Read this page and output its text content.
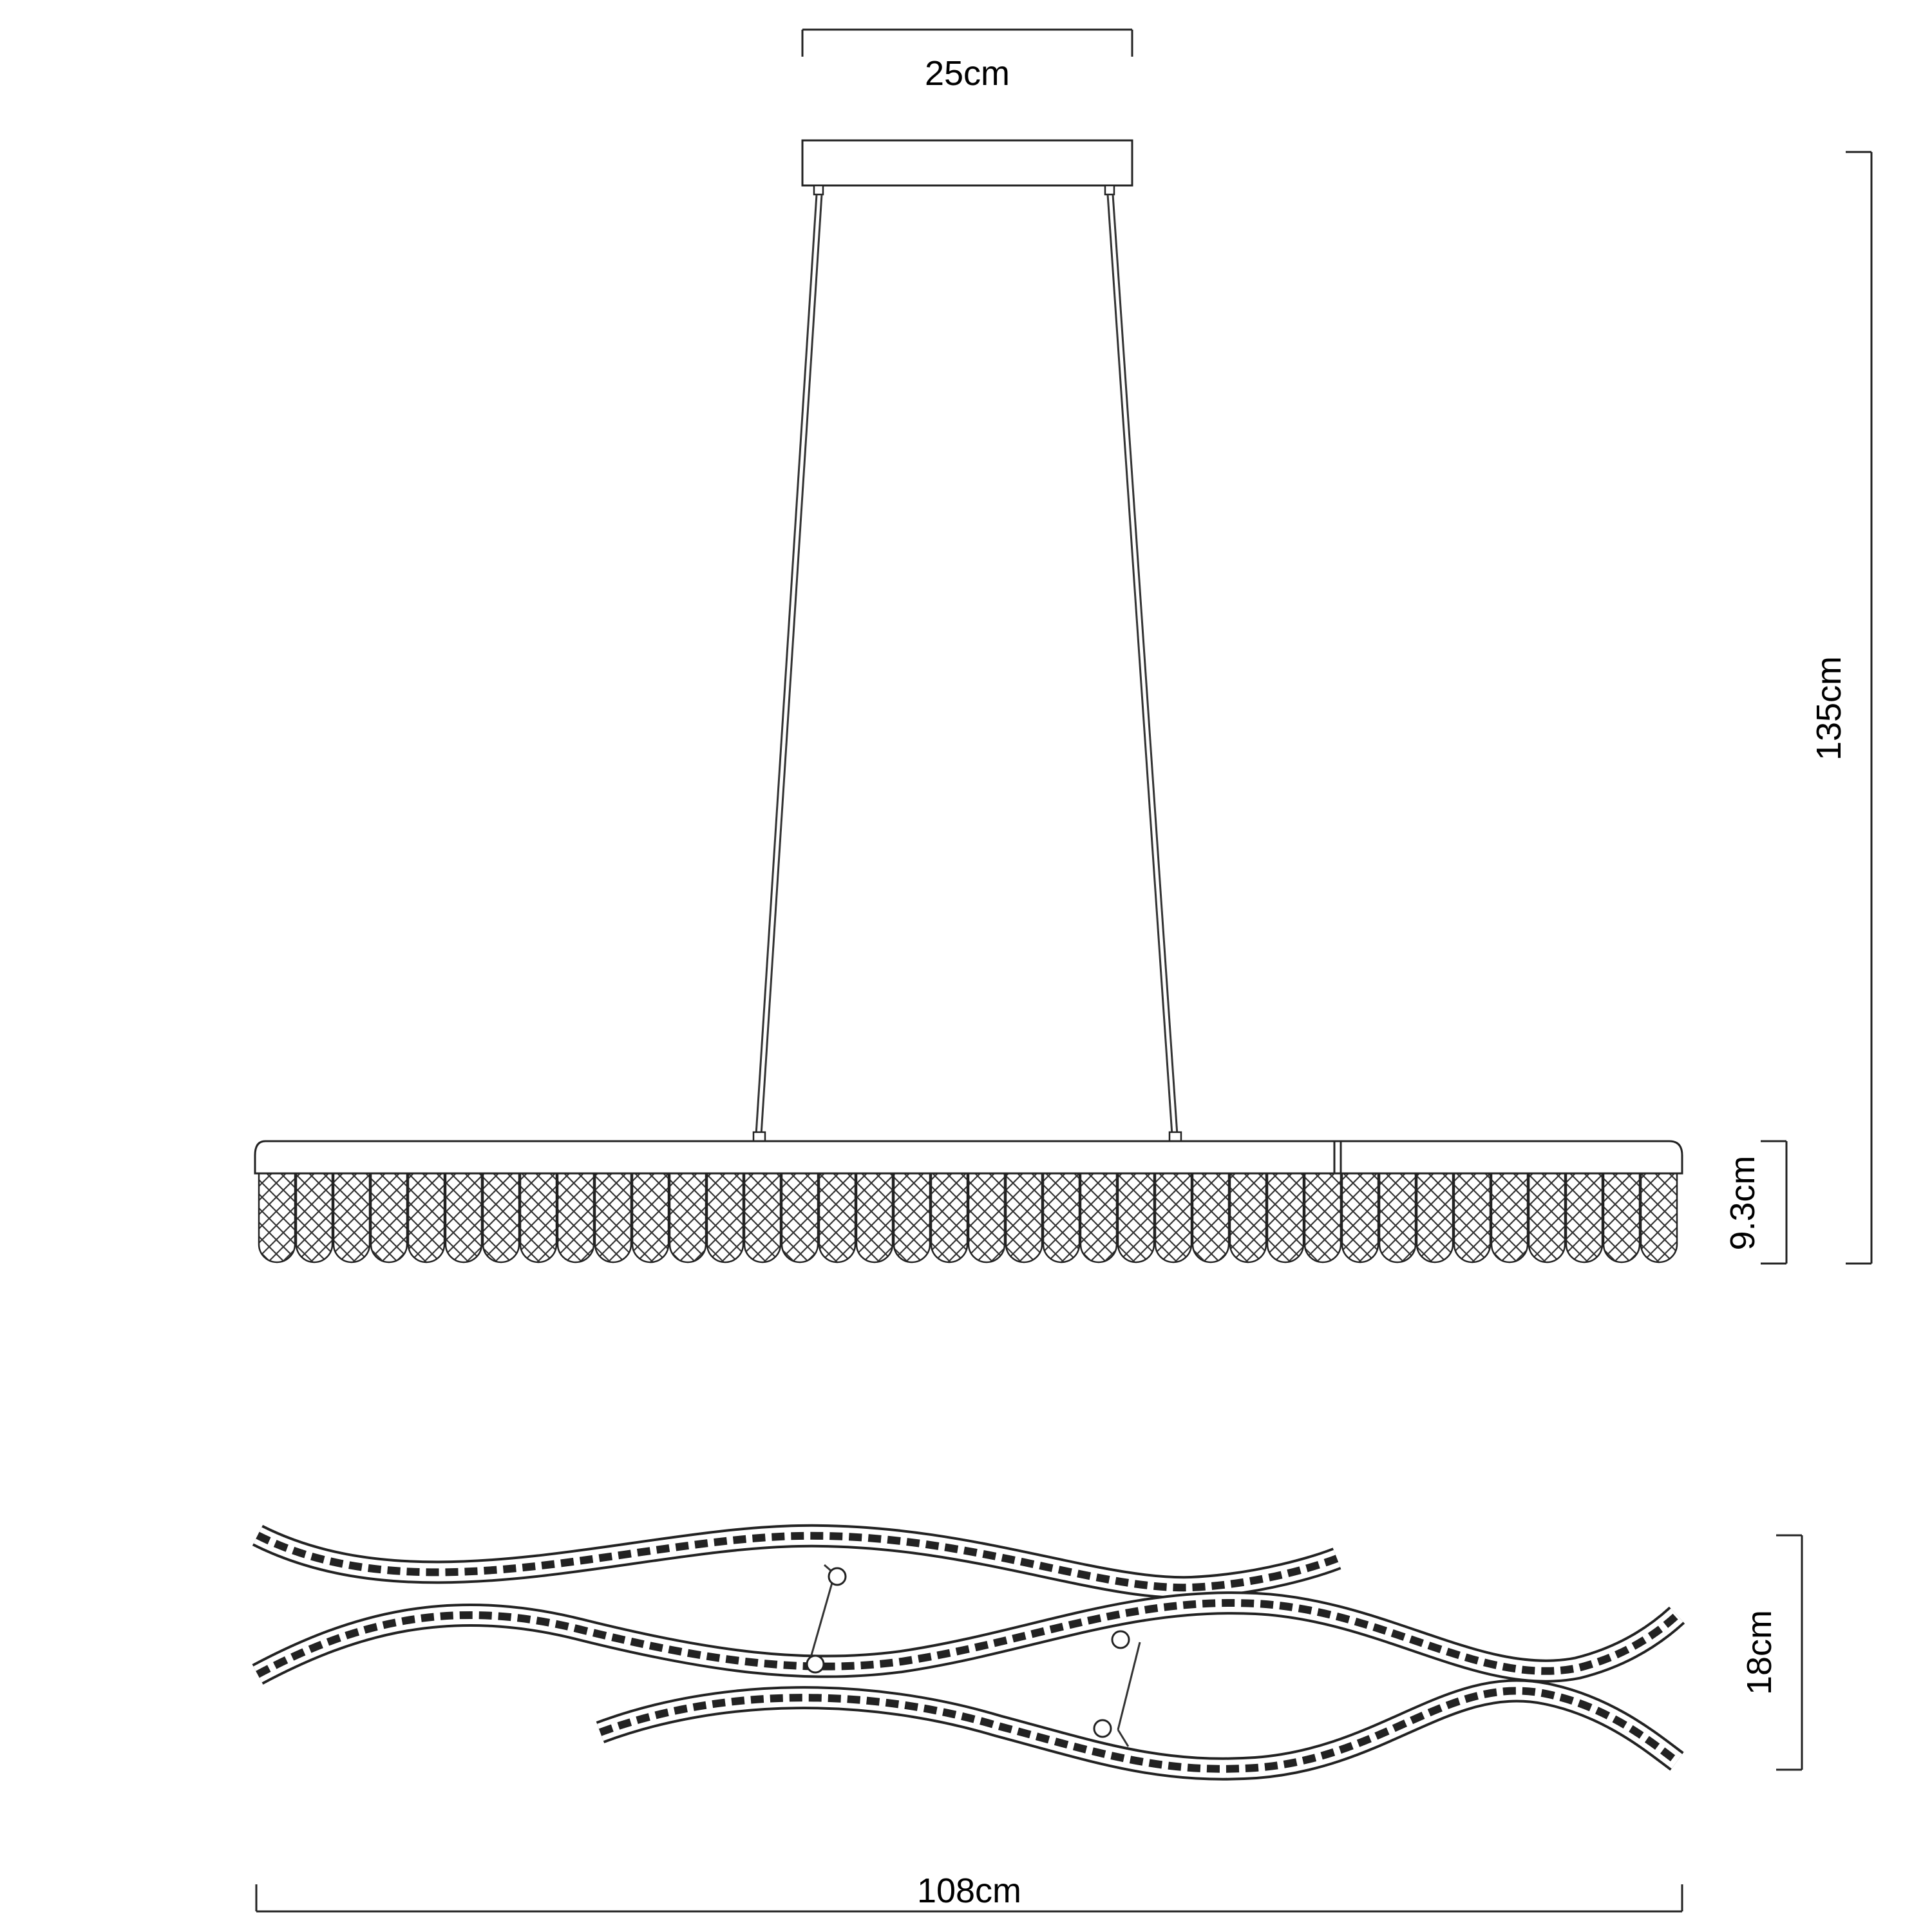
25cm
135cm
9.3cm
18cm
108cm
